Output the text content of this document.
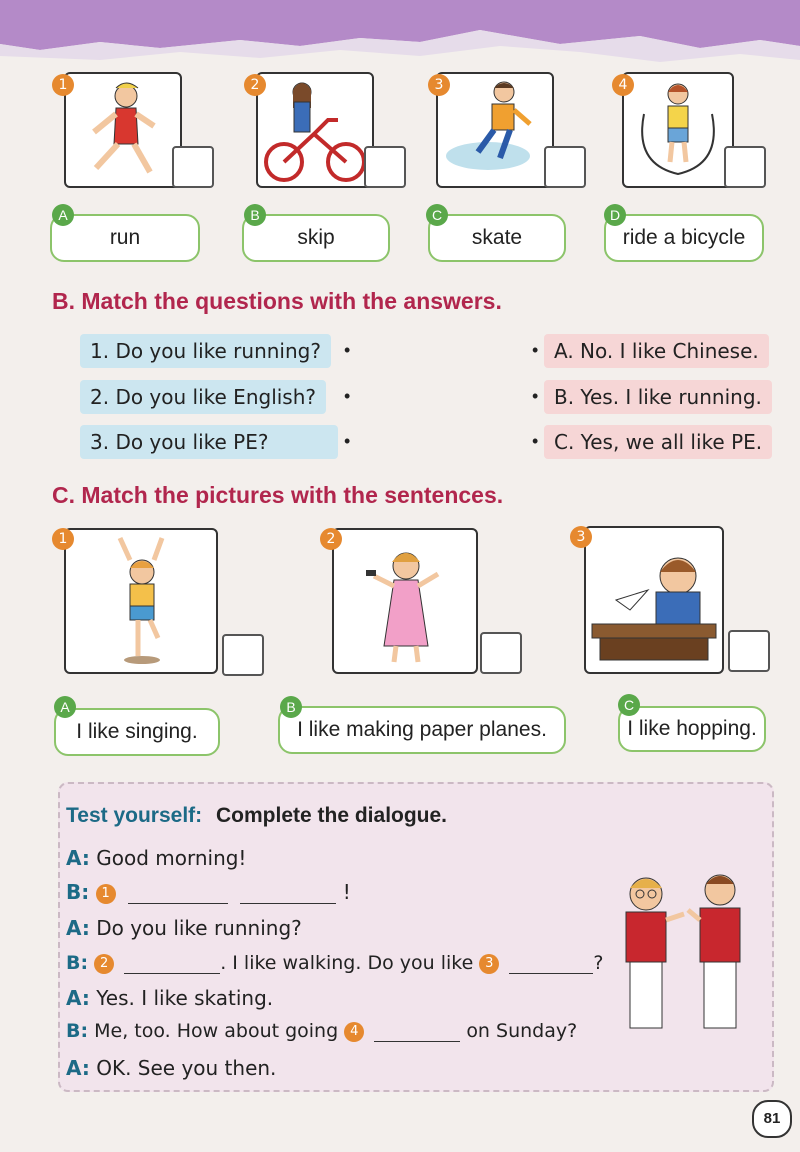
1	2	3	4
run
A
skip
B
skate
C
ride a bicycle
D
B. Match the questions with the answers.
1. Do you like running?
2. Do you like English?
3. Do you like PE?
•
•
•
•
•
•
A. No. I like Chinese.
B. Yes. I like running.
C. Yes, we all like PE.
C. Match the pictures with the sentences.
1	2	3
I like singing.
A
I like making paper planes.
B
I like hopping.
C
Test yourself: Complete the dialogue.
A: Good morning!
B: 1	!
A: Do you like running?
B: 2	. I like walking. Do you like 3	?
A: Yes. I like skating.
B: Me, too. How about going 4	on Sunday?
A: OK. See you then.
81
